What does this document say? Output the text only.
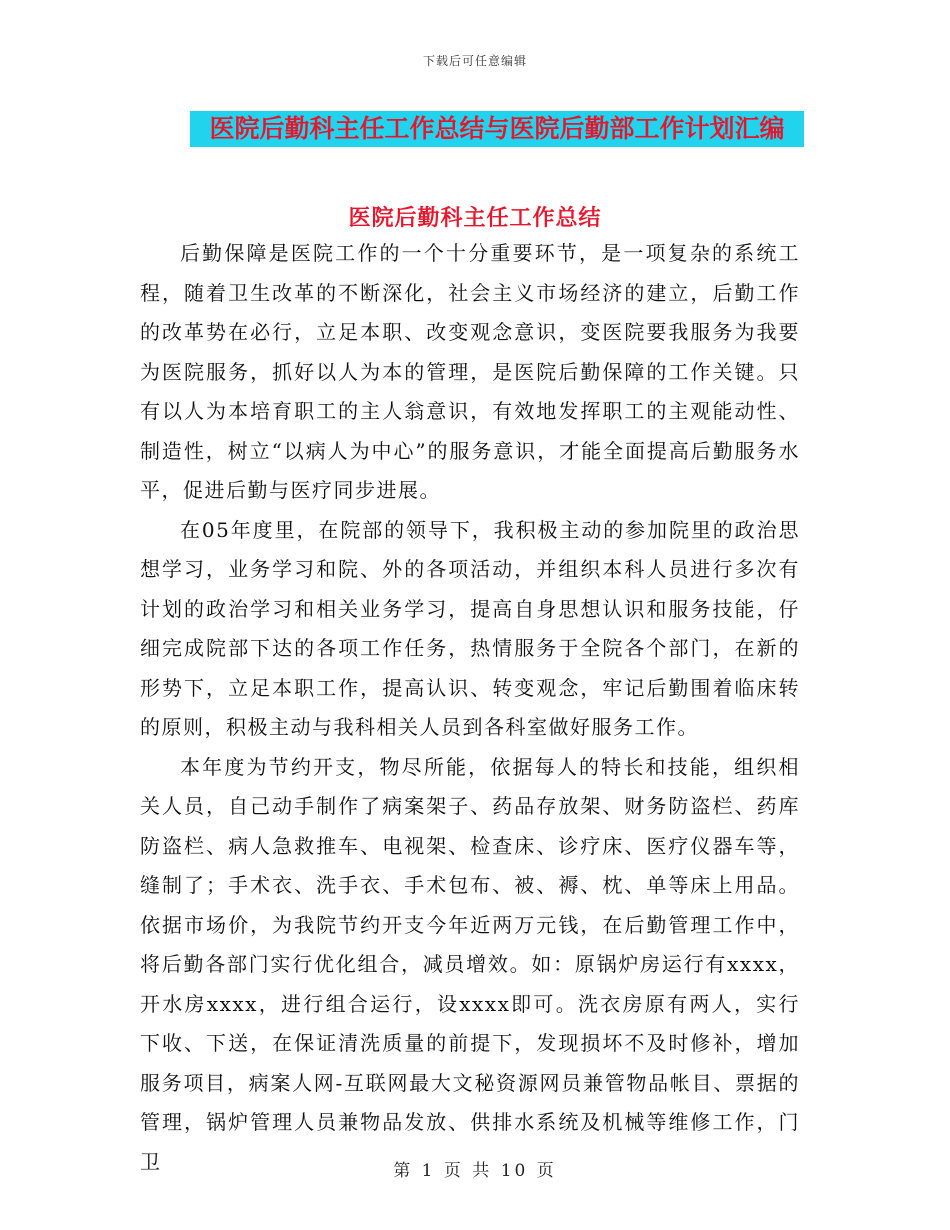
下载后可任意编辑
医院后勤科主任工作总结与医院后勤部工作计划汇编
医院后勤科主任工作总结

后勤保障是医院工作的一个十分重要环节，是一项复杂的系统工程，随着卫生改革的不断深化，社会主义市场经济的建立，后勤工作的改革势在必行，立足本职、改变观念意识，变医院要我服务为我要为医院服务，抓好以人为本的管理，是医院后勤保障的工作关键。只有以人为本培育职工的主人翁意识，有效地发挥职工的主观能动性、制造性，树立“以病人为中心”的服务意识，才能全面提高后勤服务水平，促进后勤与医疗同步进展。

在05年度里，在院部的领导下，我积极主动的参加院里的政治思想学习，业务学习和院、外的各项活动，并组织本科人员进行多次有计划的政治学习和相关业务学习，提高自身思想认识和服务技能，仔细完成院部下达的各项工作任务，热情服务于全院各个部门，在新的形势下，立足本职工作，提高认识、转变观念，牢记后勤围着临床转的原则，积极主动与我科相关人员到各科室做好服务工作。

本年度为节约开支，物尽所能，依据每人的特长和技能，组织相关人员，自己动手制作了病案架子、药品存放架、财务防盗栏、药库防盗栏、病人急救推车、电视架、检查床、诊疗床、医疗仪器车等，缝制了；手术衣、洗手衣、手术包布、被、褥、枕、单等床上用品。依据市场价，为我院节约开支今年近两万元钱，在后勤管理工作中，将后勤各部门实行优化组合，减员增效。如：原锅炉房运行有xxxx，开水房xxxx，进行组合运行，设xxxx即可。洗衣房原有两人，实行下收、下送，在保证清洗质量的前提下，发现损坏不及时修补，增加服务项目，病案人网-互联网最大文秘资源网员兼管物品帐目、票据的管理，锅炉管理人员兼物品发放、供排水系统及机械等维修工作，门卫	第 1 页 共 10 页
